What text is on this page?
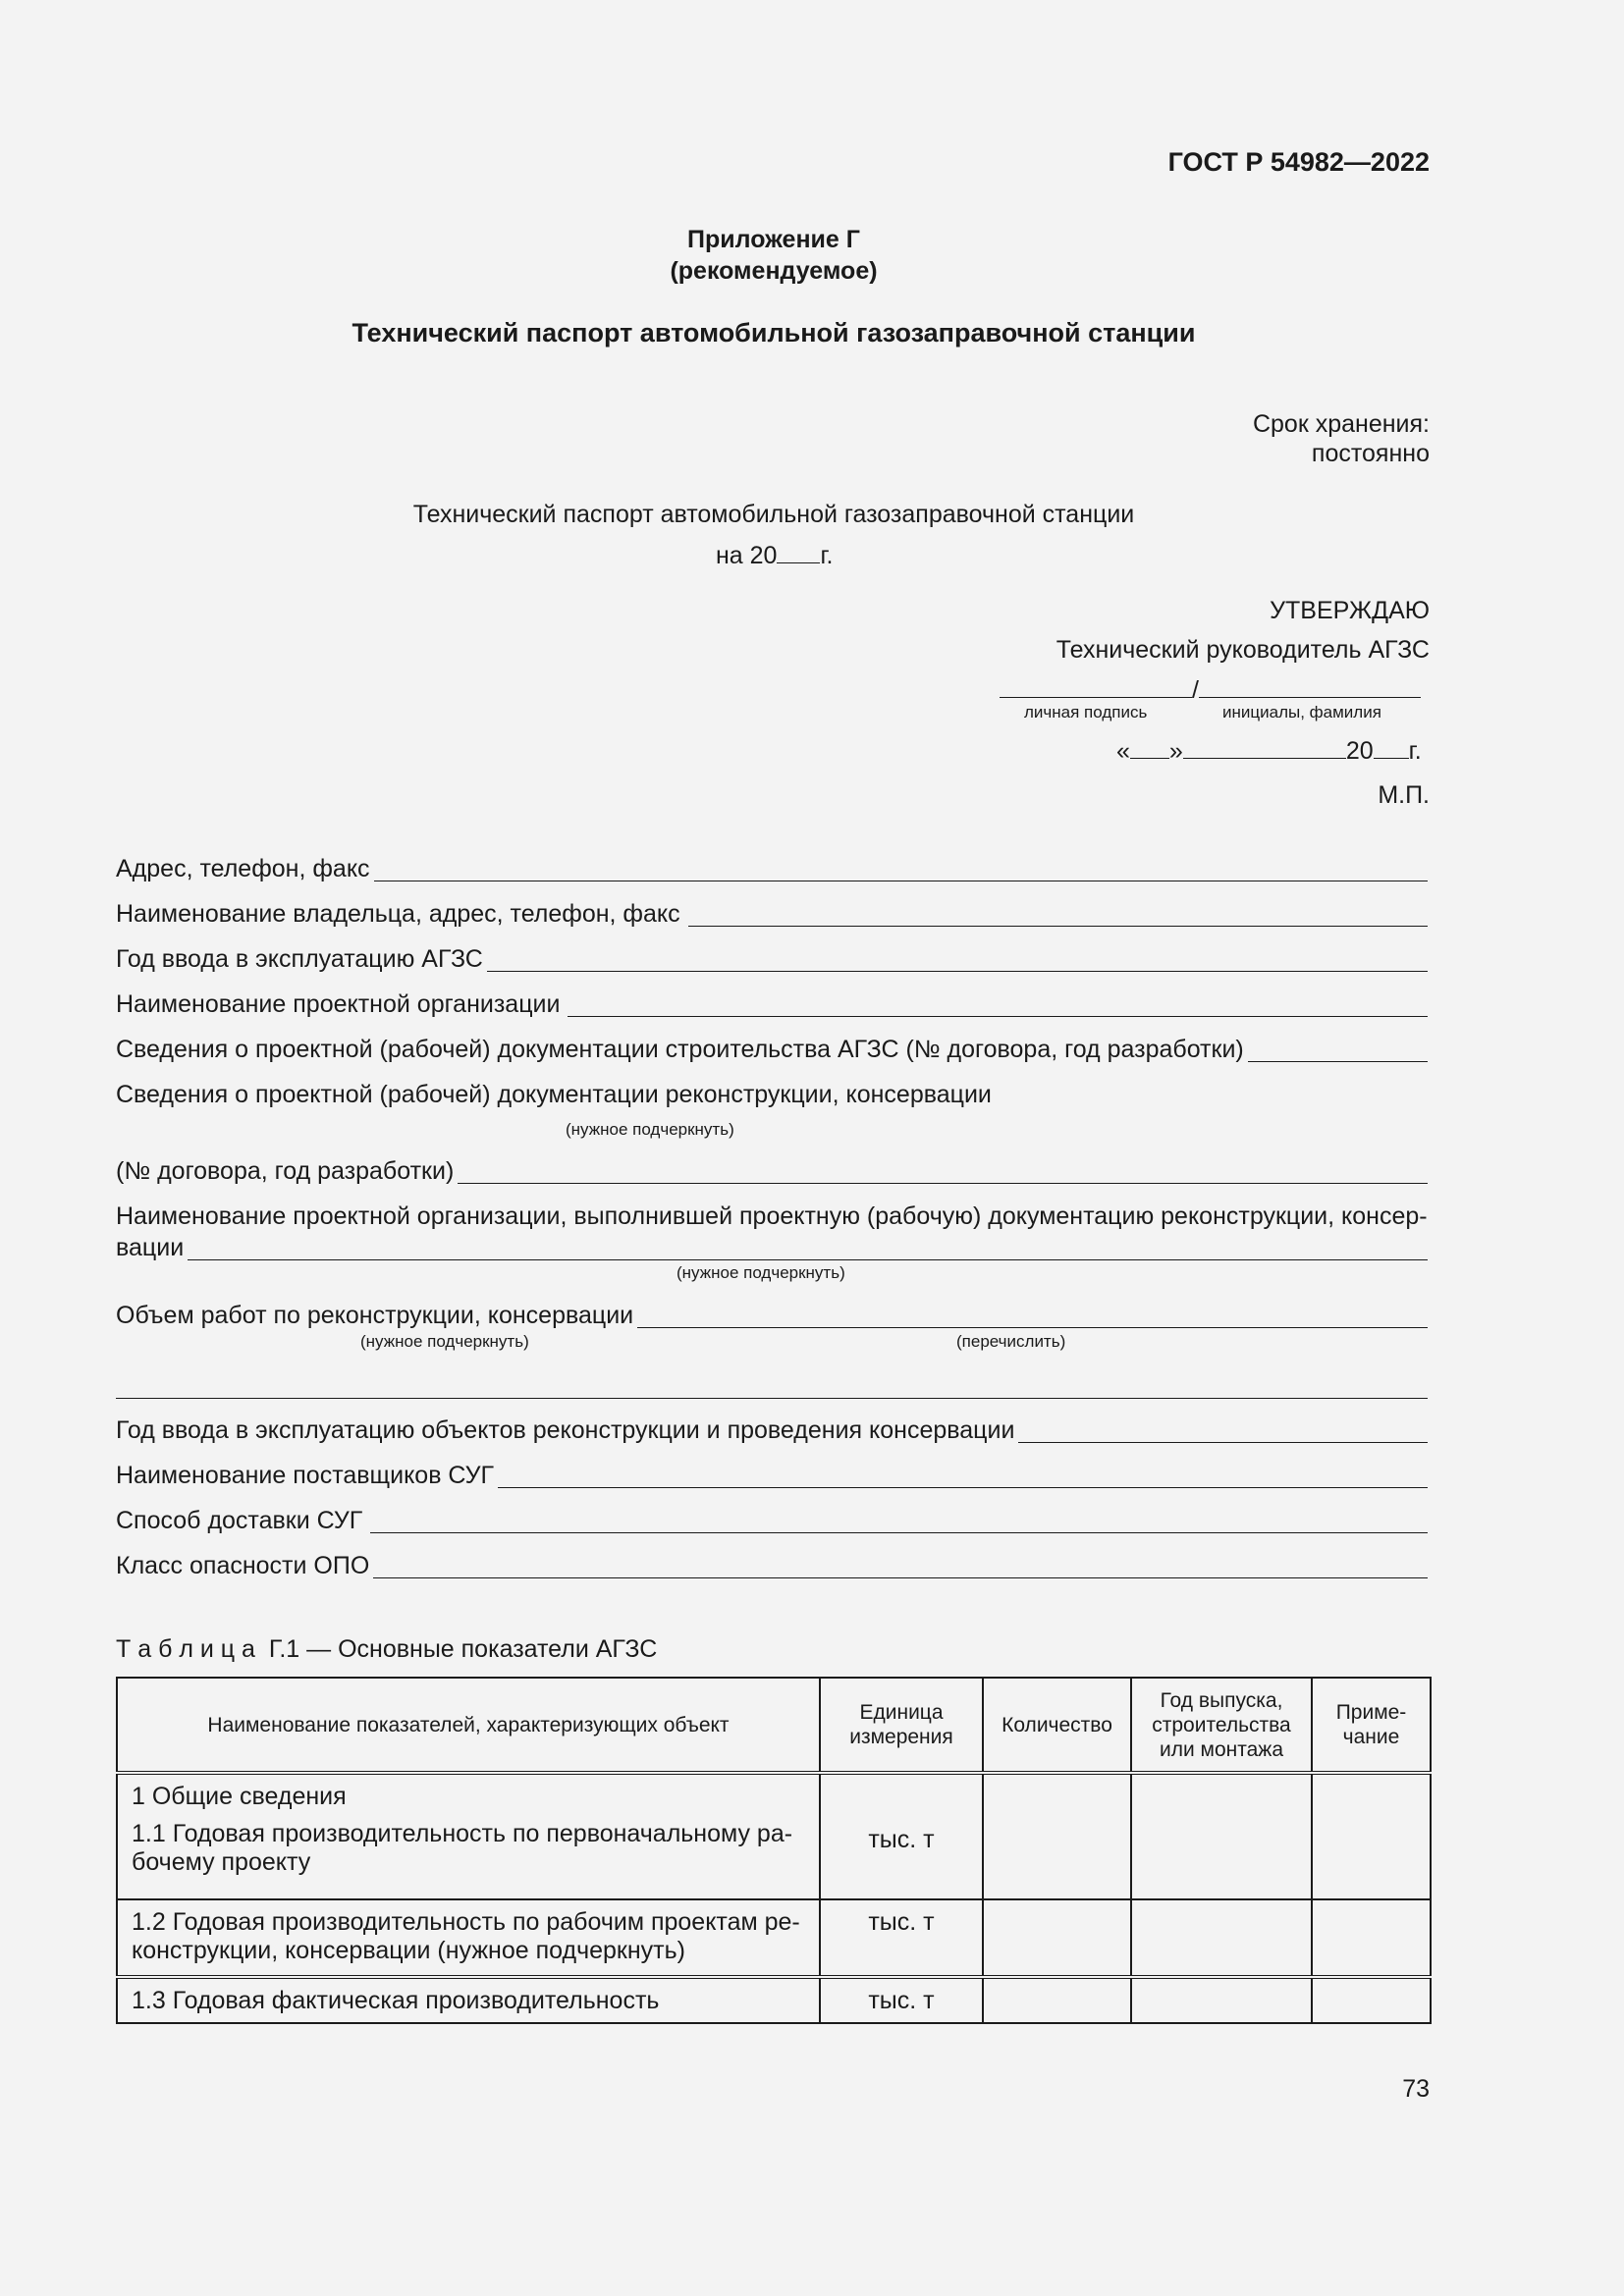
ГОСТ Р 54982—2022
Приложение Г
(рекомендуемое)
Технический паспорт автомобильной газозаправочной станции
Срок хранения:
постоянно
Технический паспорт автомобильной газозаправочной станции
на 20 г.
УТВЕРЖДАЮ
Технический руководитель АГЗС
/
личная подпись	инициалы, фамилия
« »	20 г.
М.П.
Адрес, телефон, факс
Наименование владельца, адрес, телефон, факс
Год ввода в эксплуатацию АГЗС
Наименование проектной организации
Сведения о проектной (рабочей) документации строительства АГЗС (№ договора, год разработки)
Сведения о проектной (рабочей) документации реконструкции, консервации
(нужное подчеркнуть)
(№ договора, год разработки)
Наименование проектной организации, выполнившей проектную (рабочую) документацию реконструкции, консер-
вации
(нужное подчеркнуть)
Объем работ по реконструкции, консервации
(нужное подчеркнуть)	(перечислить)
Год ввода в эксплуатацию объектов реконструкции и проведения консервации
Наименование поставщиков СУГ
Способ доставки СУГ
Класс опасности ОПО
Т а б л и ц а Г.1 — Основные показатели АГЗС
Наименование показателей, характеризующих объект	Единица измерения	Количество	Год выпуска, строительства или монтажа	Приме-чание

1 Общие сведения
1.1 Годовая производительность по первоначальному ра-бочему проекту	тыс. т			
1.2 Годовая производительность по рабочим проектам ре-конструкции, консервации (нужное подчеркнуть)	тыс. т			
1.3 Годовая фактическая производительность	тыс. т			
73
